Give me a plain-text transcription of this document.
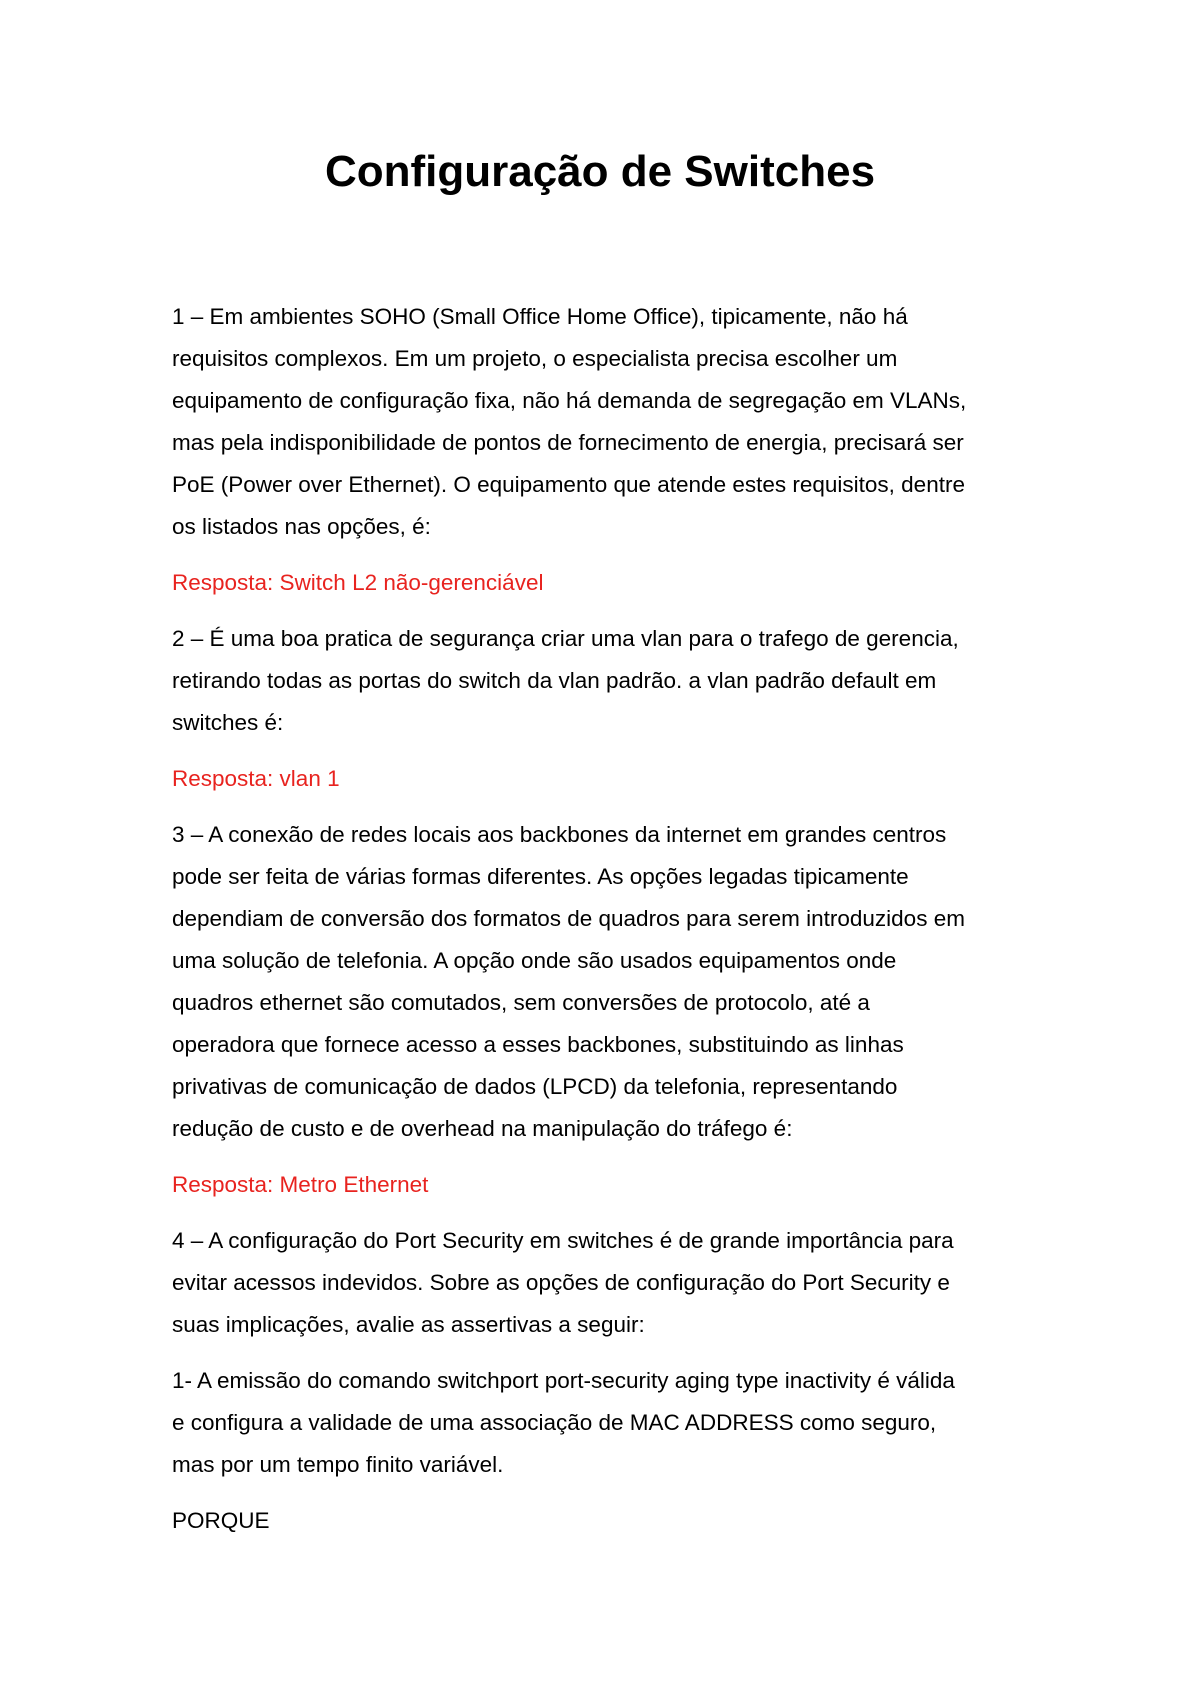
Configuração de Switches

1 – Em ambientes SOHO (Small Office Home Office), tipicamente, não há
requisitos complexos. Em um projeto, o especialista precisa escolher um
equipamento de configuração fixa, não há demanda de segregação em VLANs,
mas pela indisponibilidade de pontos de fornecimento de energia, precisará ser
PoE (Power over Ethernet). O equipamento que atende estes requisitos, dentre
os listados nas opções, é:

Resposta: Switch L2 não-gerenciável

2 – É uma boa pratica de segurança criar uma vlan para o trafego de gerencia,
retirando todas as portas do switch da vlan padrão. a vlan padrão default em
switches é:

Resposta: vlan 1

3 – A conexão de redes locais aos backbones da internet em grandes centros
pode ser feita de várias formas diferentes. As opções legadas tipicamente
dependiam de conversão dos formatos de quadros para serem introduzidos em
uma solução de telefonia. A opção onde são usados equipamentos onde
quadros ethernet são comutados, sem conversões de protocolo, até a
operadora que fornece acesso a esses backbones, substituindo as linhas
privativas de comunicação de dados (LPCD) da telefonia, representando
redução de custo e de overhead na manipulação do tráfego é:

Resposta: Metro Ethernet

4 – A configuração do Port Security em switches é de grande importância para
evitar acessos indevidos. Sobre as opções de configuração do Port Security e
suas implicações, avalie as assertivas a seguir:

1- A emissão do comando switchport port-security aging type inactivity é válida
e configura a validade de uma associação de MAC ADDRESS como seguro,
mas por um tempo finito variável.

PORQUE
